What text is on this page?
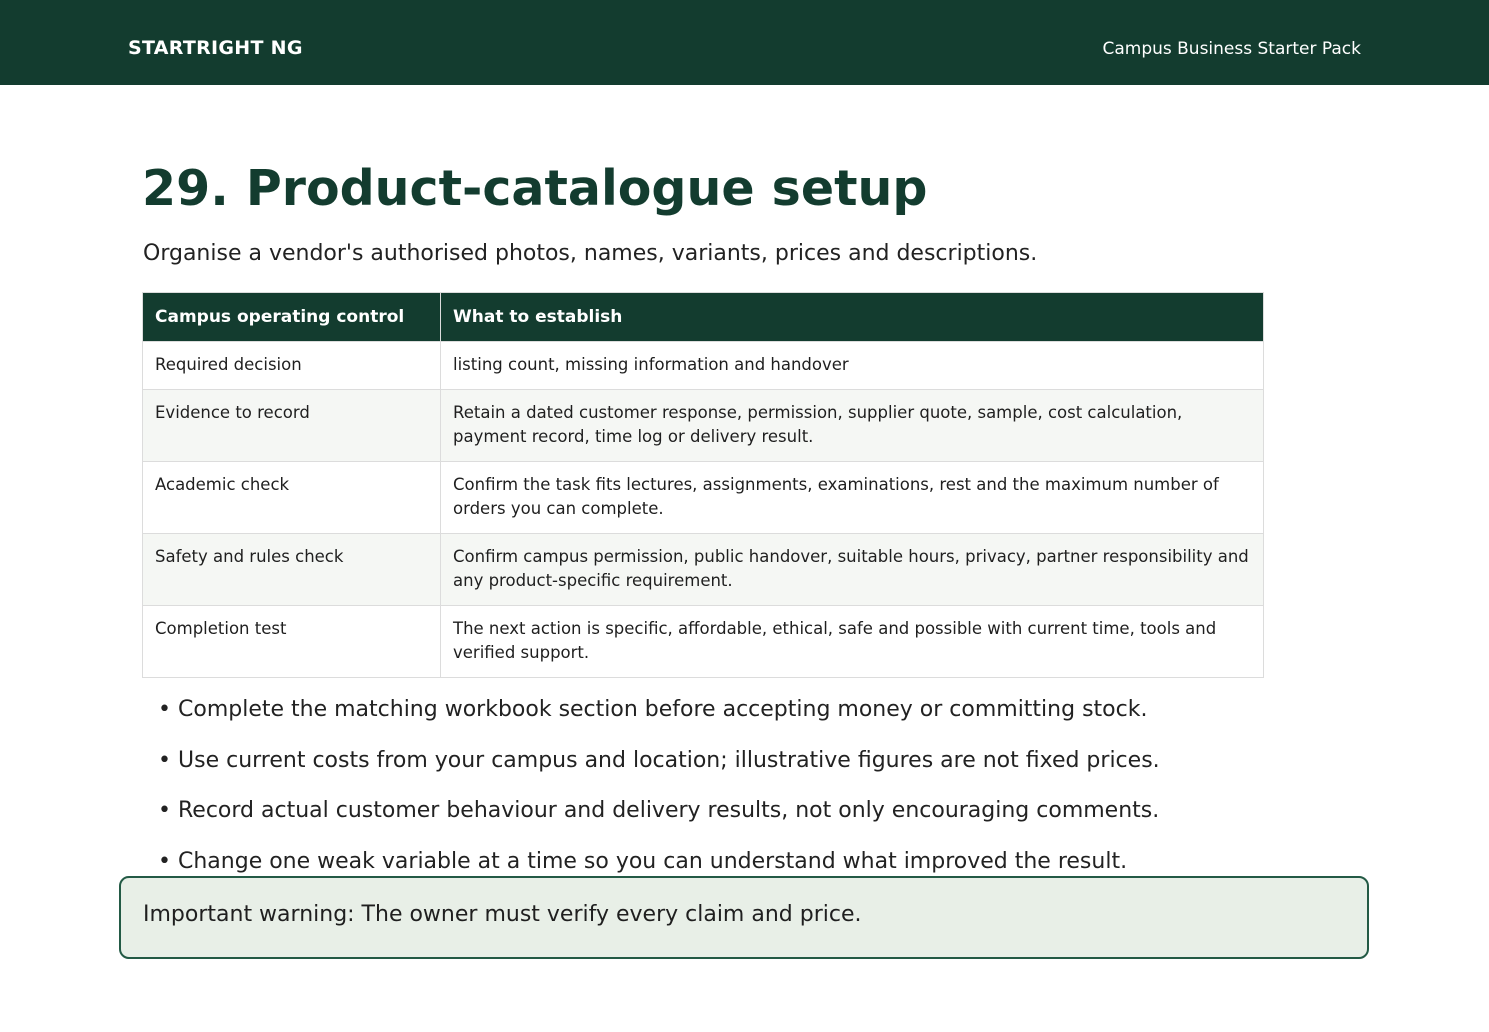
STARTRIGHT NG	Campus Business Starter Pack
29. Product-catalogue setup

Organise a vendor's authorised photos, names, variants, prices and descriptions.

Campus operating control	What to establish
Required decision	listing count, missing information and handover
Evidence to record	Retain a dated customer response, permission, supplier quote, sample, cost calculation, payment record, time log or delivery result.
Academic check	Confirm the task fits lectures, assignments, examinations, rest and the maximum number of orders you can complete.
Safety and rules check	Confirm campus permission, public handover, suitable hours, privacy, partner responsibility and any product-specific requirement.
Completion test	The next action is specific, affordable, ethical, safe and possible with current time, tools and verified support.
• Complete the matching workbook section before accepting money or committing stock.
• Use current costs from your campus and location; illustrative figures are not fixed prices.
• Record actual customer behaviour and delivery results, not only encouraging comments.
• Change one weak variable at a time so you can understand what improved the result.
Important warning: The owner must verify every claim and price.
